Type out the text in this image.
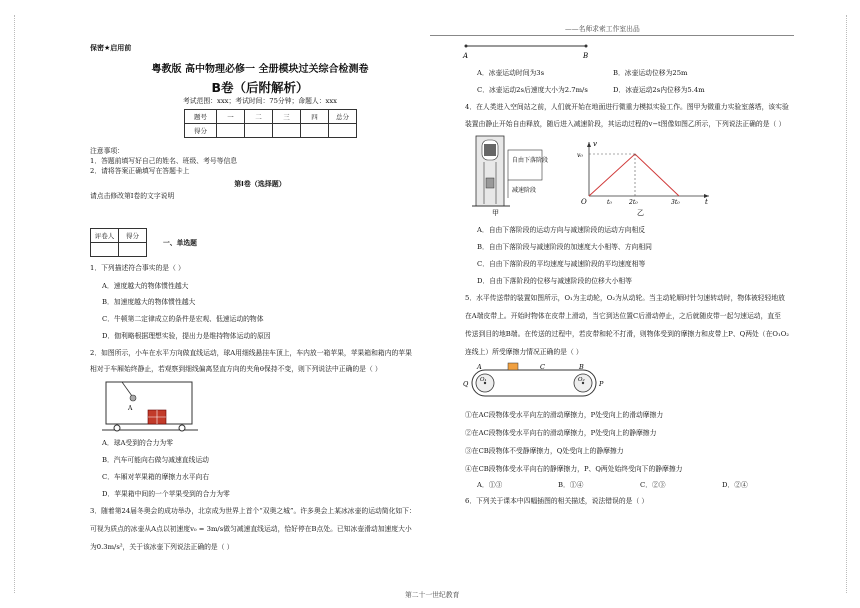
——名师求索工作室出品
第二十一世纪教育
保密★启用前
粤教版 高中物理必修一 全册模块过关综合检测卷
B卷（后附解析）
考试范围：xxx；考试时间：75分钟；命题人：xxx
题号	一	二	三	四	总分
得分					
注意事项：
1．答题前填写好自己的姓名、班级、考号等信息
2．请将答案正确填写在答题卡上
第Ⅰ卷（选择题）
请点击修改第Ⅰ卷的文字说明
评卷人	得分

一、单选题
1．下列描述符合事实的是（ ）
A．速度越大的物体惯性越大
B．加速度越大的物体惯性越大
C．牛顿第二定律成立的条件是宏观、低速运动的物体
D．伽利略根据理想实验，提出力是维持物体运动的原因
2．如图所示，小车在水平方向做直线运动，球A用细线悬挂车顶上，车内放一箱苹果，苹果箱和箱内的苹果
相对于车厢始终静止，若观察到细线偏离竖直方向的夹角θ保持不变，则下列说法中正确的是（ ）
A
A．球A受到的合力为零
B．汽车可能向右做匀减速直线运动
C．车厢对苹果箱的摩擦力水平向右
D．苹果箱中间的一个苹果受到的合力为零
3．随着第24届冬奥会的成功举办，北京成为世界上首个“双奥之城”。许多奥会上某冰冰壶的运动简化如下：
可视为质点的冰壶从A点以初速度v₀ = 3m/s做匀减速直线运动，恰好停在B点处。已知冰壶滑动加速度大小
为0.3m/s²，关于该冰壶下列说法正确的是（ ）
A	B
A．冰壶运动时间为3s	B．冰壶运动位移为25m
C．冰壶运动2s后速度大小为2.7m/s	D．冰壶运动2s内位移为5.4m
4．在人类进入空间站之前，人们就开始在地面进行微重力模拟实验工作。图甲为微重力实验室落塔，该实验
装置由静止开始自由释放，随后进入减速阶段，其运动过程的v−t图像如图乙所示，下列说法正确的是（ ）
自由下落阶段
减速阶段
甲
v
v₀
O	t₀	2t₀	3t₀	t
乙
A．自由下落阶段的运动方向与减速阶段的运动方向相反
B．自由下落阶段与减速阶段的加速度大小相等、方向相同
C．自由下落阶段的平均速度与减速阶段的平均速度相等
D．自由下落阶段的位移与减速阶段的位移大小相等
5．水平传送带的装置如图所示，O₁为主动轮，O₂为从动轮。当主动轮顺时针匀速转动时，物体被轻轻地放
在A端皮带上。开始时物体在皮带上滑动，当它到达位置C后滑动停止，之后就随皮带一起匀速运动，直至
传送到目的地B端。在传送的过程中，若皮带和轮不打滑，则物体受到的摩擦力和皮带上P、Q两处（在O₁O₂
连线上）所受摩擦力情况正确的是（ ）
A	C	B
O₁	O₂
Q	P
①在AC段物体受水平向左的滑动摩擦力，P处受向上的滑动摩擦力
②在AC段物体受水平向右的滑动摩擦力，P处受向上的静摩擦力
③在CB段物体不受静摩擦力，Q处受向上的静摩擦力
④在CB段物体受水平向右的静摩擦力，P、Q两处始终受向下的静摩擦力
A．①③	B．①④	C．②③	D．②④
6．下列关于课本中四幅插图的相关描述，说法错误的是（ ）
